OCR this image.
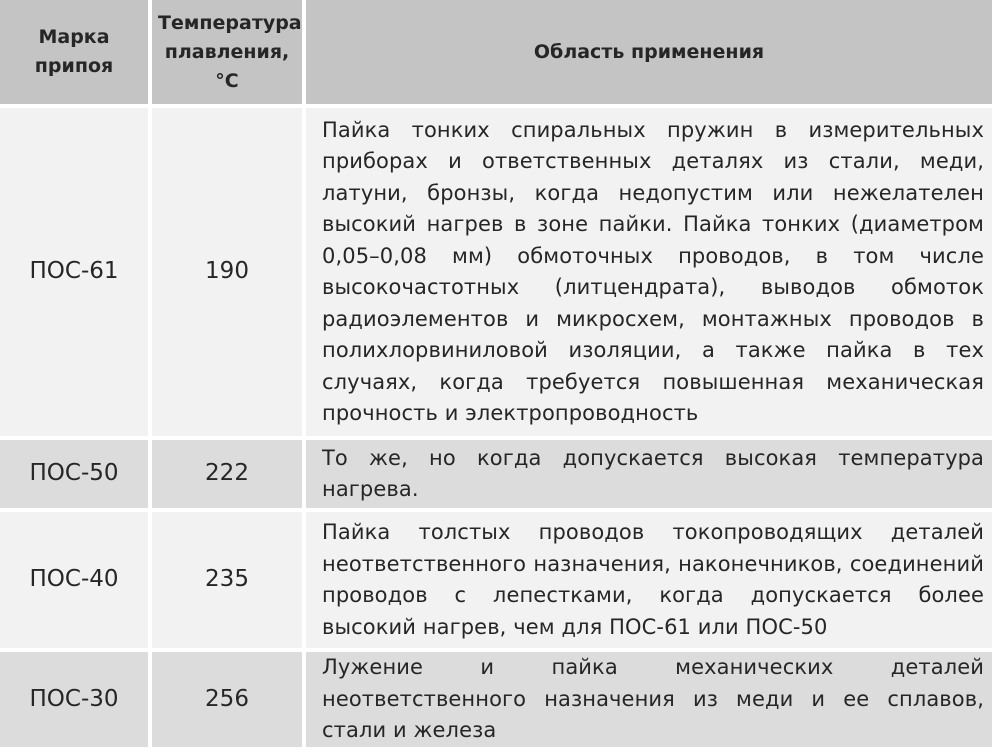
Марка припоя	Температура плавления, °С	Область применения
ПОС-61	190	Пайка тонких спиральных пружин в измерительных приборах и ответственных деталях из стали, меди, латуни, бронзы, когда недопустим или нежелателен высокий нагрев в зоне пайки. Пайка тонких (диаметром 0,05–0,08 мм) обмоточных проводов, в том числе высокочастотных (литцендрата), выводов обмоток радиоэлементов и микросхем, монтажных проводов в полихлорвиниловой изоляции, а также пайка в тех случаях, когда требуется повышенная механическая прочность и электропроводность
ПОС-50	222	То же, но когда допускается высокая температура нагрева.
ПОС-40	235	Пайка толстых проводов токопроводящих деталей неответственного назначения, наконечников, соединений проводов с лепестками, когда допускается более высокий нагрев, чем для ПОС-61 или ПОС-50
ПОС-30	256	Лужение и пайка механических деталей неответственного назначения из меди и ее сплавов, стали и железа
